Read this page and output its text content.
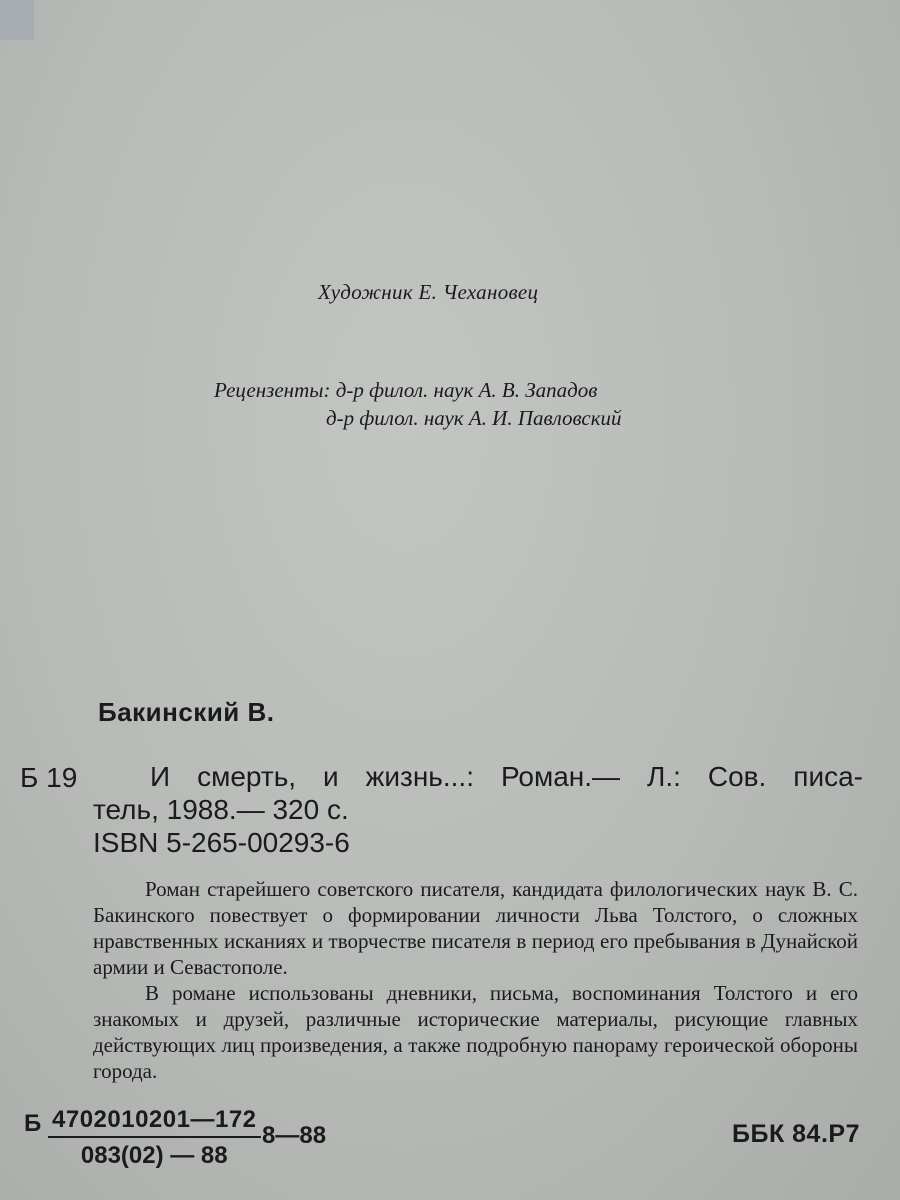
Художник Е. Чехановец
Рецензенты: д-р филол. наук А. В. Западов
д-р филол. наук А. И. Павловский
Бакинский В.
Б 19	И смерть, и жизнь...: Роман.— Л.: Сов. писа-
тель, 1988.— 320 с.
ISBN 5-265-00293-6

Роман старейшего советского писателя, кандидата филологических наук В. С. Бакинского повествует о формировании личности Льва Толстого, о сложных нравственных исканиях и творчестве писателя в период его пребывания в Дунайской армии и Севастополе.

В романе использованы дневники, письма, воспоминания Толстого и его знакомых и друзей, различные исторические материалы, рисующие главных действующих лиц произведения, а также подробную панораму героической обороны города.

Б $\frac{4702010201—172}{083(02) — 88}$ 8—88	ББК 84.Р7
